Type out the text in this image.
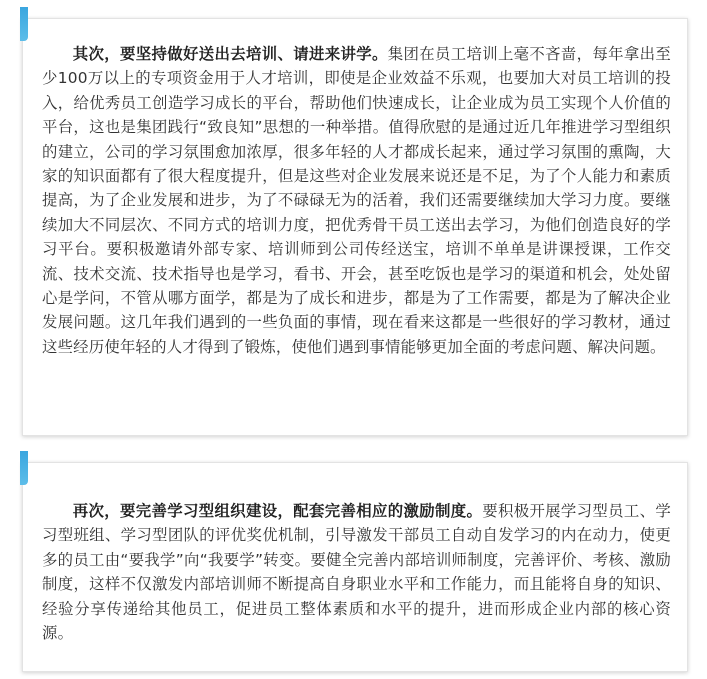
其次，要坚持做好送出去培训、请进来讲学。集团在员工培训上毫不吝啬，每年拿出至少100万以上的专项资金用于人才培训，即使是企业效益不乐观，也要加大对员工培训的投入，给优秀员工创造学习成长的平台，帮助他们快速成长，让企业成为员工实现个人价值的平台，这也是集团践行“致良知”思想的一种举措。值得欣慰的是通过近几年推进学习型组织的建立，公司的学习氛围愈加浓厚，很多年轻的人才都成长起来，通过学习氛围的熏陶，大家的知识面都有了很大程度提升，但是这些对企业发展来说还是不足，为了个人能力和素质提高，为了企业发展和进步，为了不碌碌无为的活着，我们还需要继续加大学习力度。要继续加大不同层次、不同方式的培训力度，把优秀骨干员工送出去学习，为他们创造良好的学习平台。要积极邀请外部专家、培训师到公司传经送宝，培训不单单是讲课授课，工作交流、技术交流、技术指导也是学习，看书、开会，甚至吃饭也是学习的渠道和机会，处处留心是学问，不管从哪方面学，都是为了成长和进步，都是为了工作需要，都是为了解决企业发展问题。这几年我们遇到的一些负面的事情，现在看来这都是一些很好的学习教材，通过这些经历使年轻的人才得到了锻炼，使他们遇到事情能够更加全面的考虑问题、解决问题。

再次，要完善学习型组织建设，配套完善相应的激励制度。要积极开展学习型员工、学习型班组、学习型团队的评优奖优机制，引导激发干部员工自动自发学习的内在动力，使更多的员工由“要我学”向“我要学”转变。要健全完善内部培训师制度，完善评价、考核、激励制度，这样不仅激发内部培训师不断提高自身职业水平和工作能力，而且能将自身的知识、经验分享传递给其他员工，促进员工整体素质和水平的提升，进而形成企业内部的核心资源。
